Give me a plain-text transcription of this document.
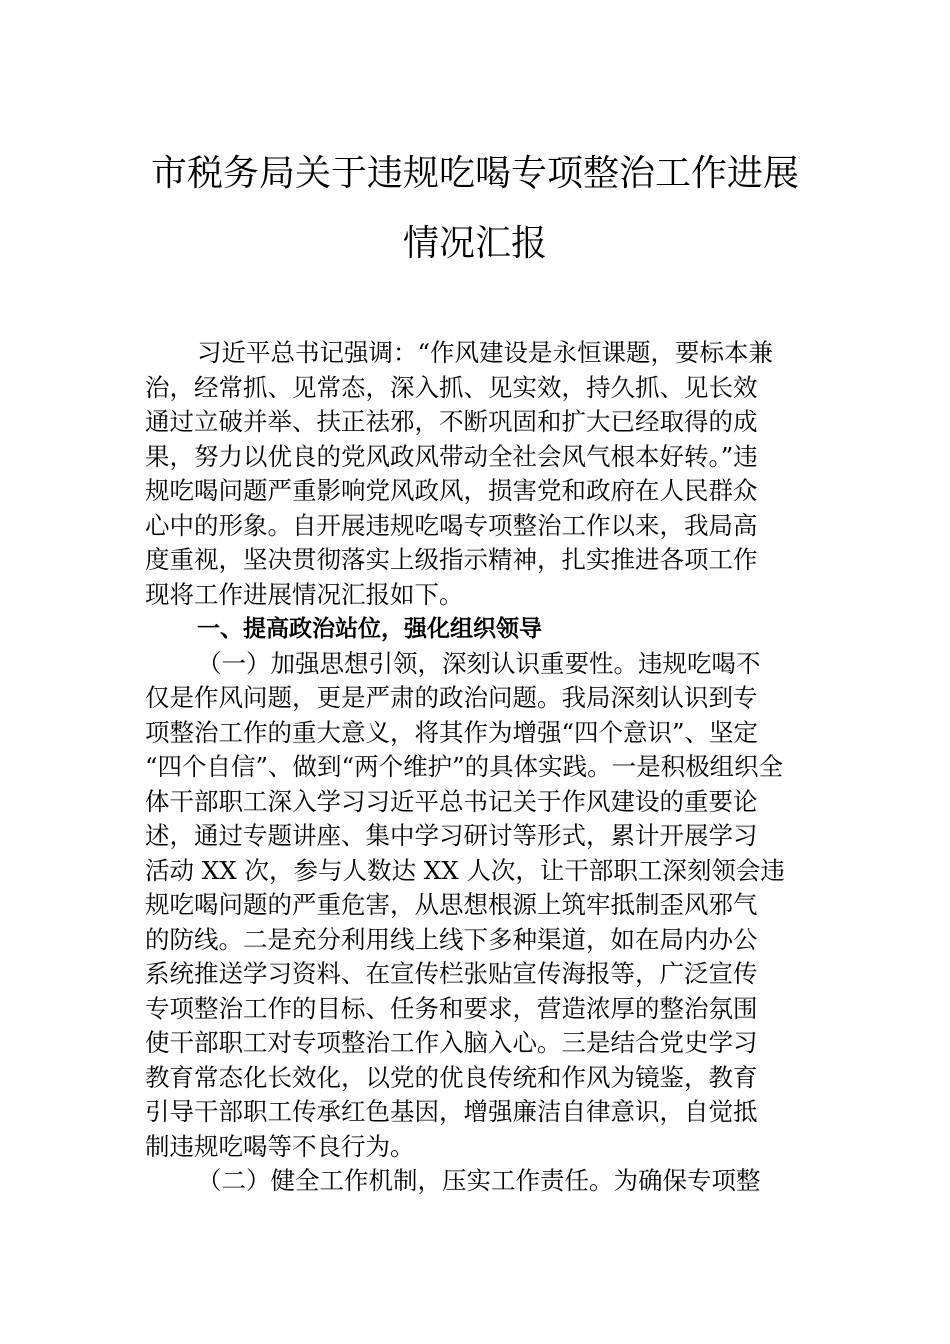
市税务局关于违规吃喝专项整治工作进展
情况汇报
习近平总书记强调：“作风建设是永恒课题，要标本兼
治，经常抓、见常态，深入抓、见实效，持久抓、见长效
通过立破并举、扶正祛邪，不断巩固和扩大已经取得的成
果，努力以优良的党风政风带动全社会风气根本好转。”违
规吃喝问题严重影响党风政风，损害党和政府在人民群众
心中的形象。自开展违规吃喝专项整治工作以来，我局高
度重视，坚决贯彻落实上级指示精神，扎实推进各项工作
现将工作进展情况汇报如下。
一、提高政治站位，强化组织领导
（一）加强思想引领，深刻认识重要性。违规吃喝不
仅是作风问题，更是严肃的政治问题。我局深刻认识到专
项整治工作的重大意义，将其作为增强“四个意识”、坚定
“四个自信”、做到“两个维护”的具体实践。一是积极组织全
体干部职工深入学习习近平总书记关于作风建设的重要论
述，通过专题讲座、集中学习研讨等形式，累计开展学习
活动 XX 次，参与人数达 XX 人次，让干部职工深刻领会违
规吃喝问题的严重危害，从思想根源上筑牢抵制歪风邪气
的防线。二是充分利用线上线下多种渠道，如在局内办公
系统推送学习资料、在宣传栏张贴宣传海报等，广泛宣传
专项整治工作的目标、任务和要求，营造浓厚的整治氛围
使干部职工对专项整治工作入脑入心。三是结合党史学习
教育常态化长效化，以党的优良传统和作风为镜鉴，教育
引导干部职工传承红色基因，增强廉洁自律意识，自觉抵
制违规吃喝等不良行为。
（二）健全工作机制，压实工作责任。为确保专项整
